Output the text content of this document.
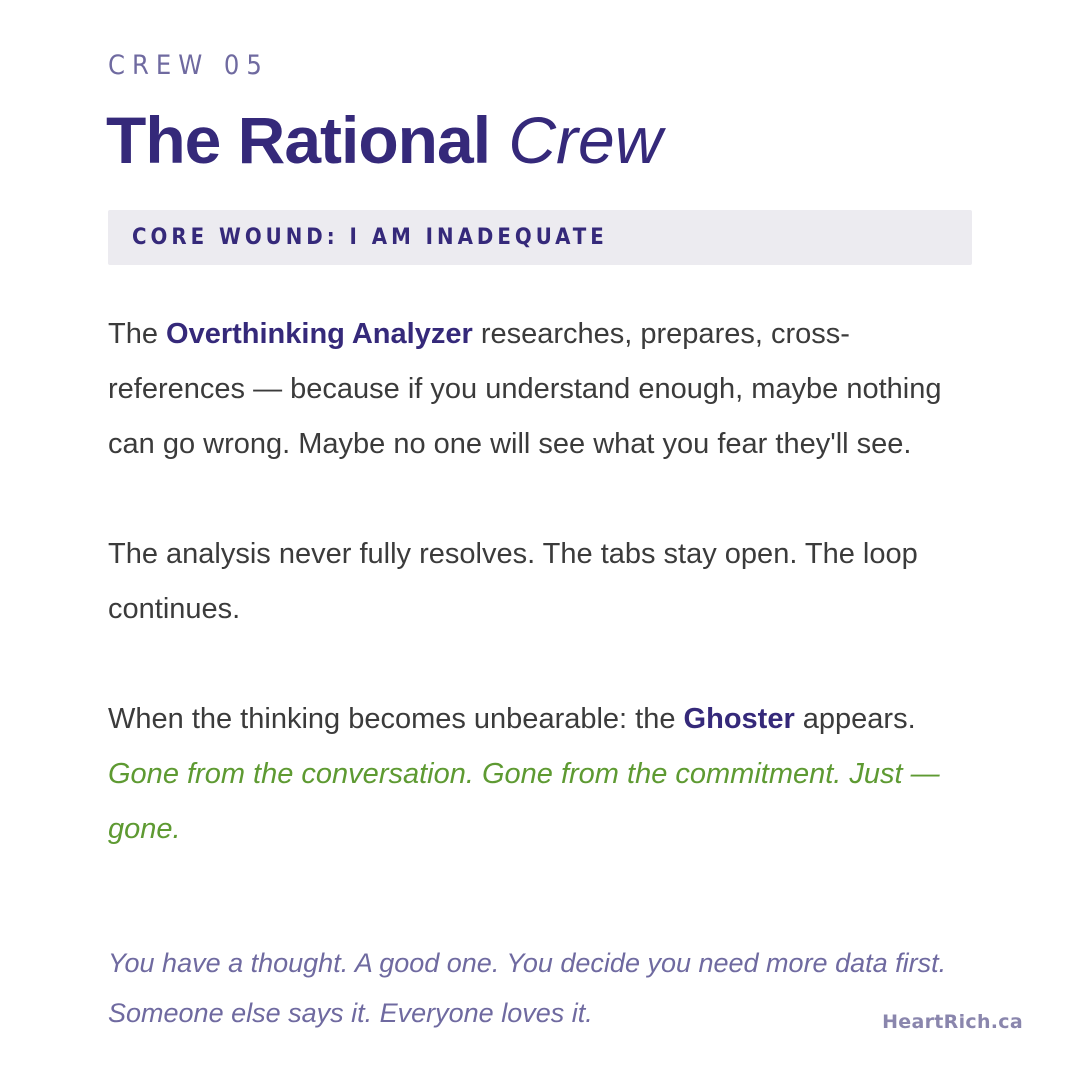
CREW 05
The Rational Crew
CORE WOUND: I AM INADEQUATE
The Overthinking Analyzer researches, prepares, cross-references — because if you understand enough, maybe nothing can go wrong. Maybe no one will see what you fear they'll see.
The analysis never fully resolves. The tabs stay open. The loop continues.
When the thinking becomes unbearable: the Ghoster appears.
Gone from the conversation. Gone from the commitment. Just — gone.
You have a thought. A good one. You decide you need more data first.
Someone else says it. Everyone loves it.	HeartRich.ca
